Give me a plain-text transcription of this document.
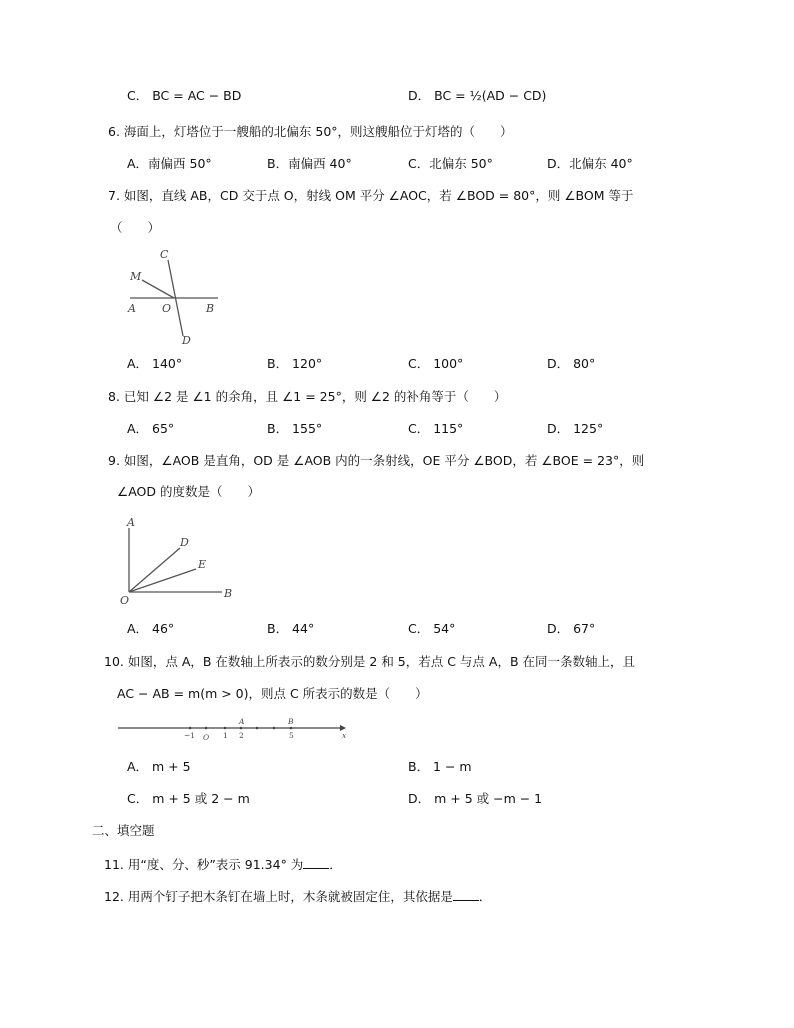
C． BC = AC − BD	D． BC = ½(AD − CD)
6. 海面上，灯塔位于一艘船的北偏东 50°，则这艘船位于灯塔的（　　）
A．南偏西 50°	B．南偏西 40°	C．北偏东 50°	D．北偏东 40°
7. 如图，直线 AB，CD 交于点 O，射线 OM 平分 ∠AOC，若 ∠BOD = 80°，则 ∠BOM 等于
（　　）
M
C
A O	B
D
A． 140°	B． 120°	C． 100°	D． 80°
8. 已知 ∠2 是 ∠1 的余角，且 ∠1 = 25°，则 ∠2 的补角等于（　　）
A． 65°	B． 155°	C． 115°	D． 125°
9. 如图，∠AOB 是直角，OD 是 ∠AOB 内的一条射线，OE 平分 ∠BOD，若 ∠BOE = 23°，则
∠AOD 的度数是（　　）
A
D
E
O
B
A． 46°	B． 44°	C． 54°	D． 67°
10. 如图，点 A，B 在数轴上所表示的数分别是 2 和 5，若点 C 与点 A，B 在同一条数轴上，且
AC − AB = m(m > 0)，则点 C 所表示的数是（　　）
−1 O 1
A
2
B
5	x
A． m + 5	B． 1 − m
C． m + 5 或 2 − m	D． m + 5 或 −m − 1
二、填空题
11. 用“度、分、秒”表示 91.34° 为 ．
12. 用两个钉子把木条钉在墙上时，木条就被固定住，其依据是 ．
